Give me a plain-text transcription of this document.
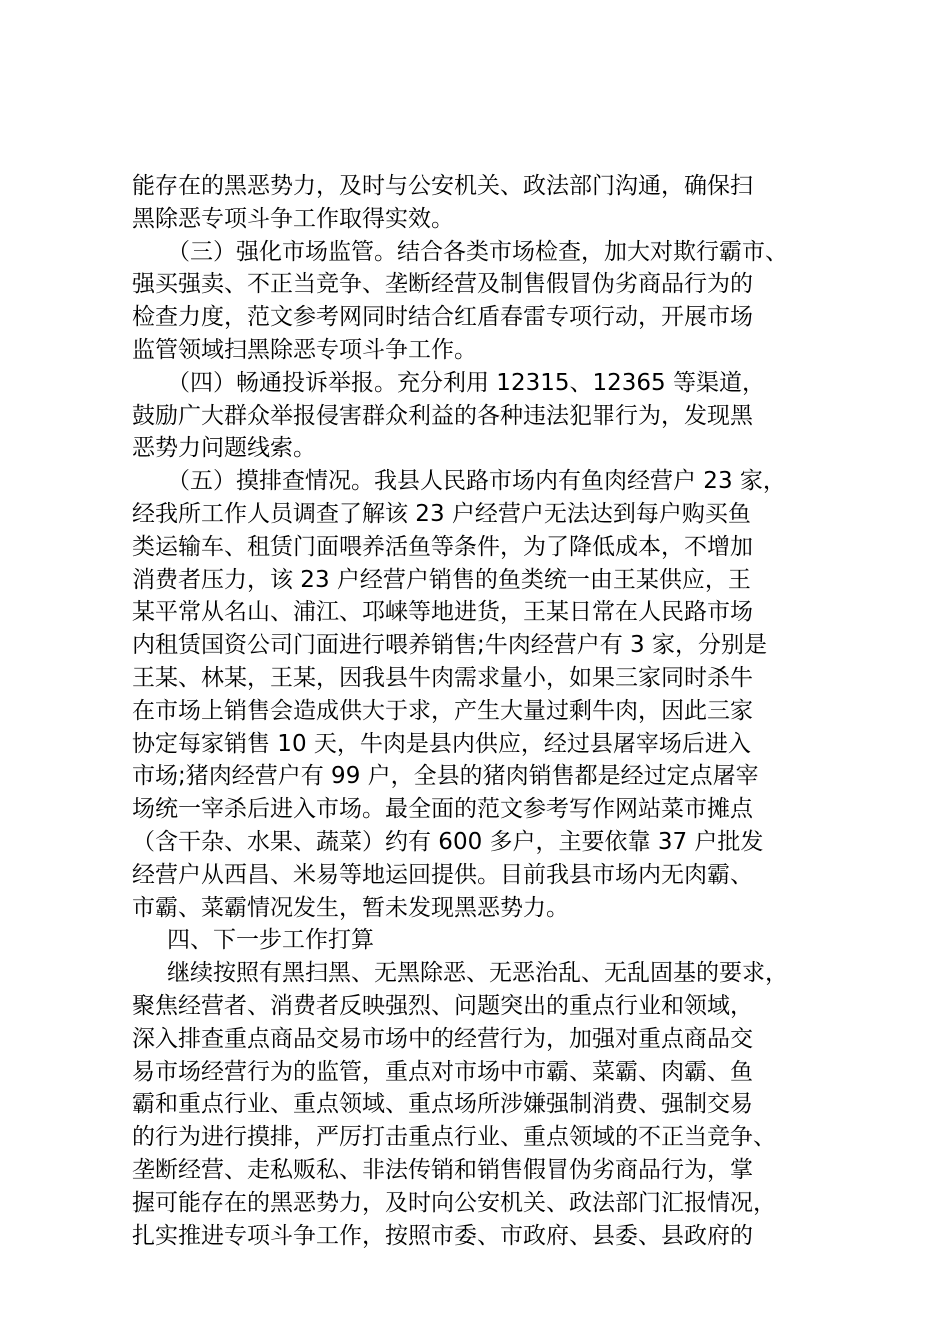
能存在的黑恶势力，及时与公安机关、政法部门沟通，确保扫
黑除恶专项斗争工作取得实效。
（三）强化市场监管。结合各类市场检查，加大对欺行霸市、
强买强卖、不正当竞争、垄断经营及制售假冒伪劣商品行为的
检查力度，范文参考网同时结合红盾春雷专项行动，开展市场
监管领域扫黑除恶专项斗争工作。
（四）畅通投诉举报。充分利用 12315、12365 等渠道，
鼓励广大群众举报侵害群众利益的各种违法犯罪行为，发现黑
恶势力问题线索。
（五）摸排查情况。我县人民路市场内有鱼肉经营户 23 家，
经我所工作人员调查了解该 23 户经营户无法达到每户购买鱼
类运输车、租赁门面喂养活鱼等条件，为了降低成本，不增加
消费者压力，该 23 户经营户销售的鱼类统一由王某供应，王
某平常从名山、浦江、邛崃等地进货，王某日常在人民路市场
内租赁国资公司门面进行喂养销售;牛肉经营户有 3 家，分别是
王某、林某，王某，因我县牛肉需求量小，如果三家同时杀牛
在市场上销售会造成供大于求，产生大量过剩牛肉，因此三家
协定每家销售 10 天，牛肉是县内供应，经过县屠宰场后进入
市场;猪肉经营户有 99 户，全县的猪肉销售都是经过定点屠宰
场统一宰杀后进入市场。最全面的范文参考写作网站菜市摊点
（含干杂、水果、蔬菜）约有 600 多户，主要依靠 37 户批发
经营户从西昌、米易等地运回提供。目前我县市场内无肉霸、
市霸、菜霸情况发生，暂未发现黑恶势力。
四、下一步工作打算
继续按照有黑扫黑、无黑除恶、无恶治乱、无乱固基的要求，
聚焦经营者、消费者反映强烈、问题突出的重点行业和领域，
深入排查重点商品交易市场中的经营行为，加强对重点商品交
易市场经营行为的监管，重点对市场中市霸、菜霸、肉霸、鱼
霸和重点行业、重点领域、重点场所涉嫌强制消费、强制交易
的行为进行摸排，严厉打击重点行业、重点领域的不正当竞争、
垄断经营、走私贩私、非法传销和销售假冒伪劣商品行为，掌
握可能存在的黑恶势力，及时向公安机关、政法部门汇报情况，
扎实推进专项斗争工作，按照市委、市政府、县委、县政府的
